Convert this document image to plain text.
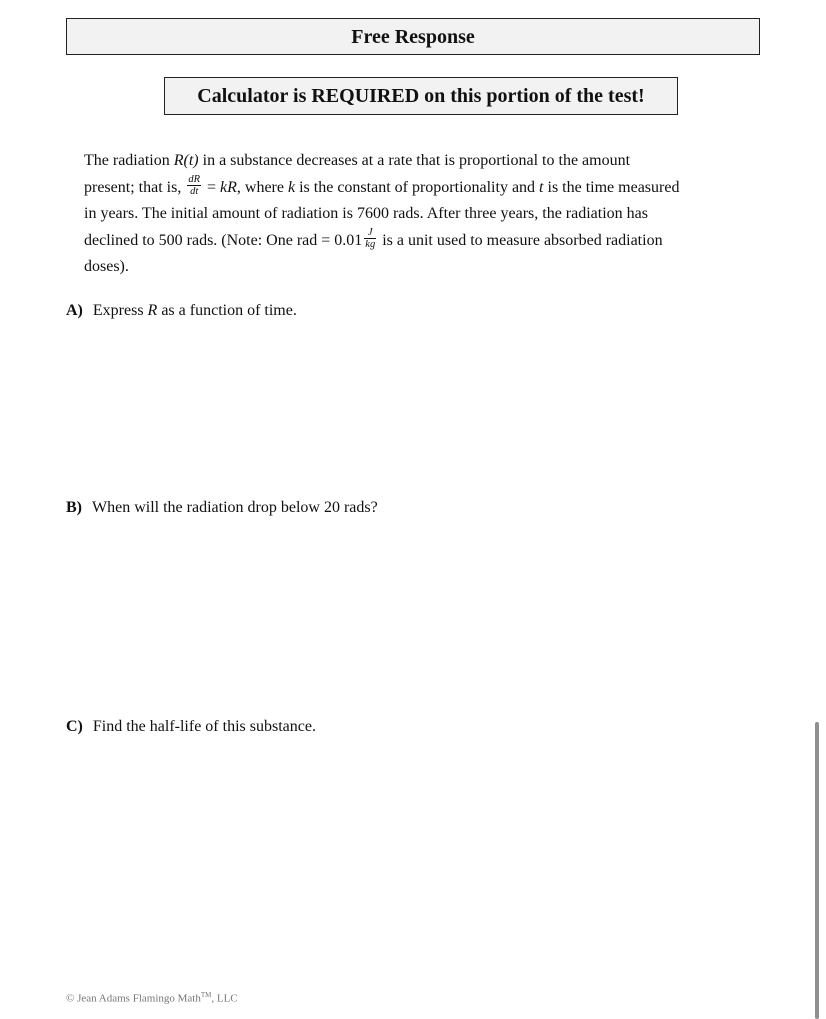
Free Response
Calculator is REQUIRED on this portion of the test!
The radiation R(t) in a substance decreases at a rate that is proportional to the amount
present; that is, $\frac{dR}{dt}$ = kR, where k is the constant of proportionality and t is the time measured
in years. The initial amount of radiation is 7600 rads. After three years, the radiation has
declined to 500 rads. (Note: One rad = $0.01 \frac{J}{kg}$ is a unit used to measure absorbed radiation
doses).
A) Express R as a function of time.
B) When will the radiation drop below 20 rads?
C) Find the half-life of this substance.
© Jean Adams Flamingo Math™, LLC
